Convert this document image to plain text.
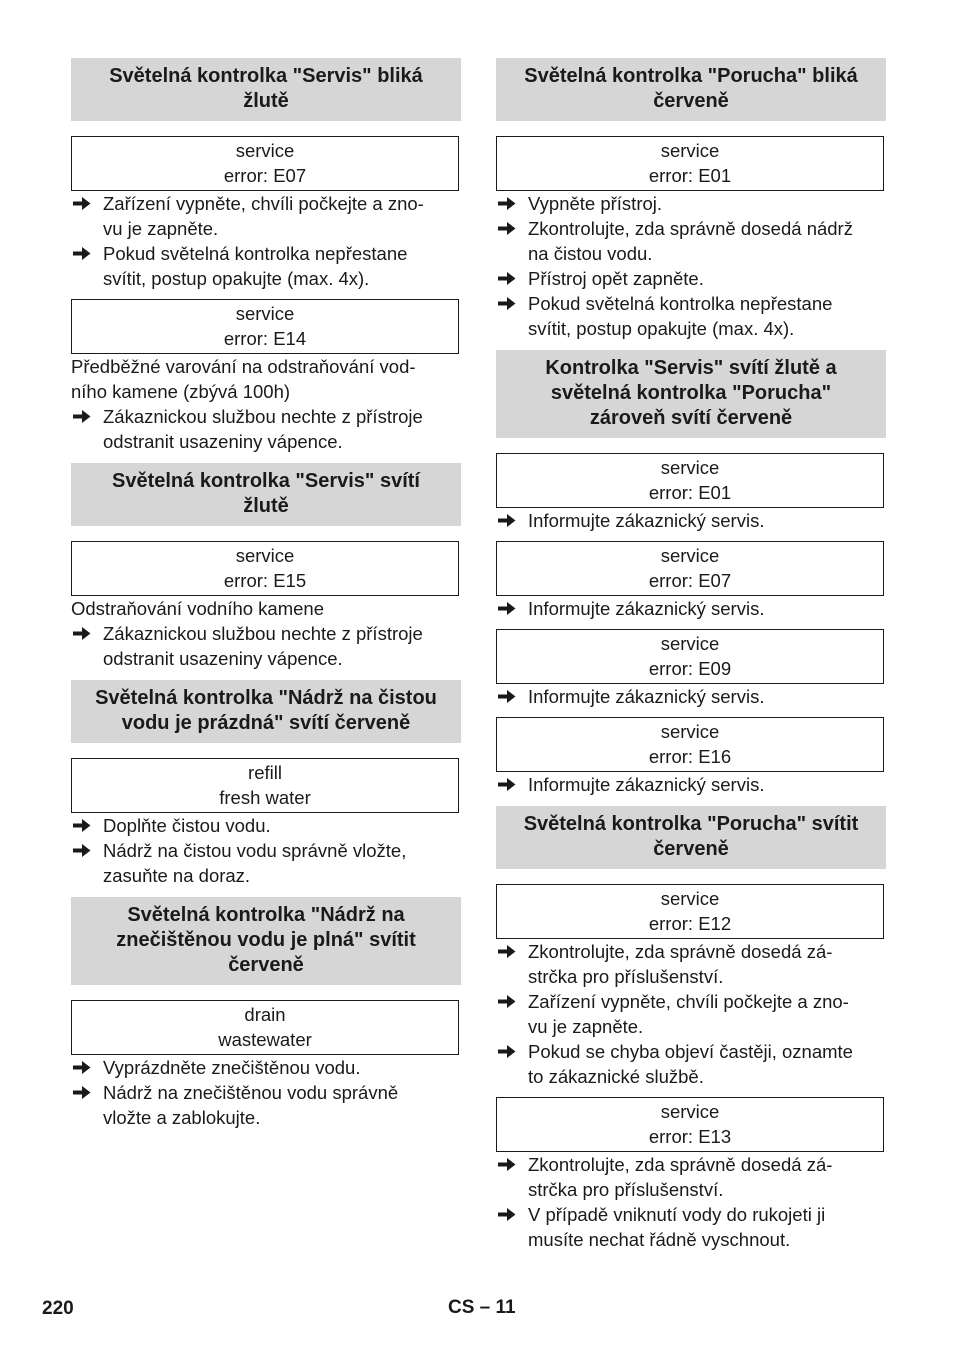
Světelná kontrolka "Servis" bliká
žlutě
service
error: E07
Zařízení vypněte, chvíli počkejte a zno-
vu je zapněte.
Pokud světelná kontrolka nepřestane
svítit, postup opakujte (max. 4x).
service
error: E14
Předběžné varování na odstraňování vod-
ního kamene (zbývá 100h)
Zákaznickou službou nechte z přístroje
odstranit usazeniny vápence.
Světelná kontrolka "Servis" svítí
žlutě
service
error: E15
Odstraňování vodního kamene
Zákaznickou službou nechte z přístroje
odstranit usazeniny vápence.
Světelná kontrolka "Nádrž na čistou
vodu je prázdná" svítí červeně
refill
fresh water
Doplňte čistou vodu.
Nádrž na čistou vodu správně vložte,
zasuňte na doraz.
Světelná kontrolka "Nádrž na
znečištěnou vodu je plná" svítit
červeně
drain
wastewater
Vyprázdněte znečištěnou vodu.
Nádrž na znečištěnou vodu správně
vložte a zablokujte.
Světelná kontrolka "Porucha" bliká
červeně
service
error: E01
Vypněte přístroj.
Zkontrolujte, zda správně dosedá nádrž
na čistou vodu.
Přístroj opět zapněte.
Pokud světelná kontrolka nepřestane
svítit, postup opakujte (max. 4x).
Kontrolka "Servis" svítí žlutě a
světelná kontrolka "Porucha"
zároveň svítí červeně
service
error: E01
Informujte zákaznický servis.
service
error: E07
Informujte zákaznický servis.
service
error: E09
Informujte zákaznický servis.
service
error: E16
Informujte zákaznický servis.
Světelná kontrolka "Porucha" svítit
červeně
service
error: E12
Zkontrolujte, zda správně dosedá zá-
strčka pro příslušenství.
Zařízení vypněte, chvíli počkejte a zno-
vu je zapněte.
Pokud se chyba objeví častěji, oznamte
to zákaznické službě.
service
error: E13
Zkontrolujte, zda správně dosedá zá-
strčka pro příslušenství.
V případě vniknutí vody do rukojeti ji
musíte nechat řádně vyschnout.
220	CS – 11
